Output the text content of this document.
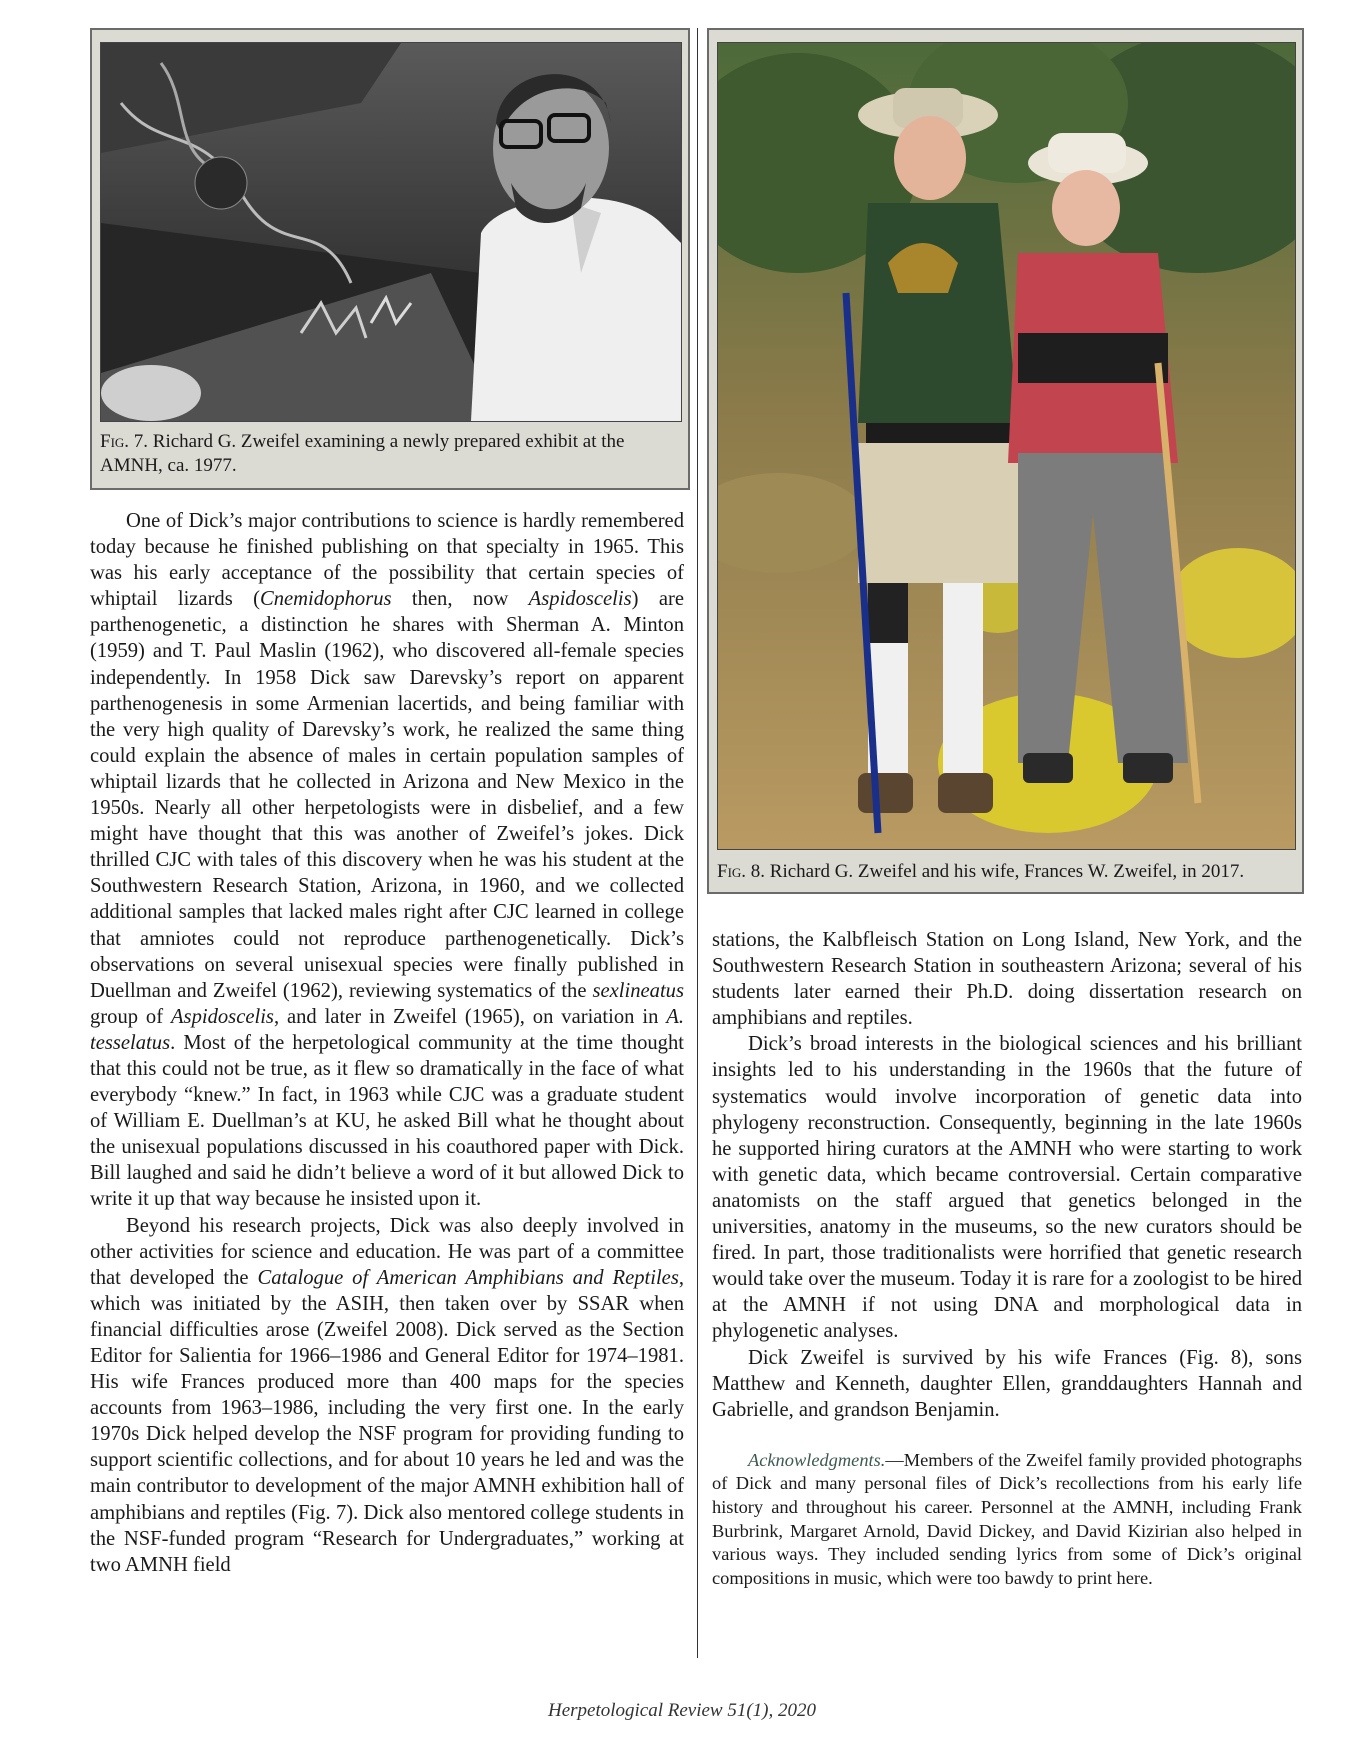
Fig. 7. Richard G. Zweifel examining a newly prepared exhibit at the AMNH, ca. 1977.
Fig. 8. Richard G. Zweifel and his wife, Frances W. Zweifel, in 2017.

One of Dick’s major contributions to science is hardly remembered today because he finished publishing on that specialty in 1965. This was his early acceptance of the possibility that certain species of whiptail lizards (Cnemidophorus then, now Aspidoscelis) are parthenogenetic, a distinction he shares with Sherman A. Minton (1959) and T. Paul Maslin (1962), who discovered all-female species independently. In 1958 Dick saw Darevsky’s report on apparent parthenogenesis in some Armenian lacertids, and being familiar with the very high quality of Darevsky’s work, he realized the same thing could explain the absence of males in certain population samples of whiptail lizards that he collected in Arizona and New Mexico in the 1950s. Nearly all other herpetologists were in disbelief, and a few might have thought that this was another of Zweifel’s jokes. Dick thrilled CJC with tales of this discovery when he was his student at the Southwestern Research Station, Arizona, in 1960, and we collected additional samples that lacked males right after CJC learned in college that amniotes could not reproduce parthenogenetically. Dick’s observations on several unisexual species were finally published in Duellman and Zweifel (1962), reviewing systematics of the sexlineatus group of Aspidoscelis, and later in Zweifel (1965), on variation in A. tesselatus. Most of the herpetological community at the time thought that this could not be true, as it flew so dramatically in the face of what everybody “knew.” In fact, in 1963 while CJC was a graduate student of William E. Duellman’s at KU, he asked Bill what he thought about the unisexual populations discussed in his coauthored paper with Dick. Bill laughed and said he didn’t believe a word of it but allowed Dick to write it up that way because he insisted upon it.

Beyond his research projects, Dick was also deeply involved in other activities for science and education. He was part of a committee that developed the Catalogue of American Amphibians and Reptiles, which was initiated by the ASIH, then taken over by SSAR when financial difficulties arose (Zweifel 2008). Dick served as the Section Editor for Salientia for 1966–1986 and General Editor for 1974–1981. His wife Frances produced more than 400 maps for the species accounts from 1963–1986, including the very first one. In the early 1970s Dick helped develop the NSF program for providing funding to support scientific collections, and for about 10 years he led and was the main contributor to development of the major AMNH exhibition hall of amphibians and reptiles (Fig. 7). Dick also mentored college students in the NSF-funded program “Research for Undergraduates,” working at two AMNH field

stations, the Kalbfleisch Station on Long Island, New York, and the Southwestern Research Station in southeastern Arizona; several of his students later earned their Ph.D. doing dissertation research on amphibians and reptiles.

Dick’s broad interests in the biological sciences and his brilliant insights led to his understanding in the 1960s that the future of systematics would involve incorporation of genetic data into phylogeny reconstruction. Consequently, beginning in the late 1960s he supported hiring curators at the AMNH who were starting to work with genetic data, which became controversial. Certain comparative anatomists on the staff argued that genetics belonged in the universities, anatomy in the museums, so the new curators should be fired. In part, those traditionalists were horrified that genetic research would take over the museum. Today it is rare for a zoologist to be hired at the AMNH if not using DNA and morphological data in phylogenetic analyses.

Dick Zweifel is survived by his wife Frances (Fig. 8), sons Matthew and Kenneth, daughter Ellen, granddaughters Hannah and Gabrielle, and grandson Benjamin.

Acknowledgments.—Members of the Zweifel family provided photographs of Dick and many personal files of Dick’s recollections from his early life history and throughout his career. Personnel at the AMNH, including Frank Burbrink, Margaret Arnold, David Dickey, and David Kizirian also helped in various ways. They included sending lyrics from some of Dick’s original compositions in music, which were too bawdy to print here.

Herpetological Review 51(1), 2020
